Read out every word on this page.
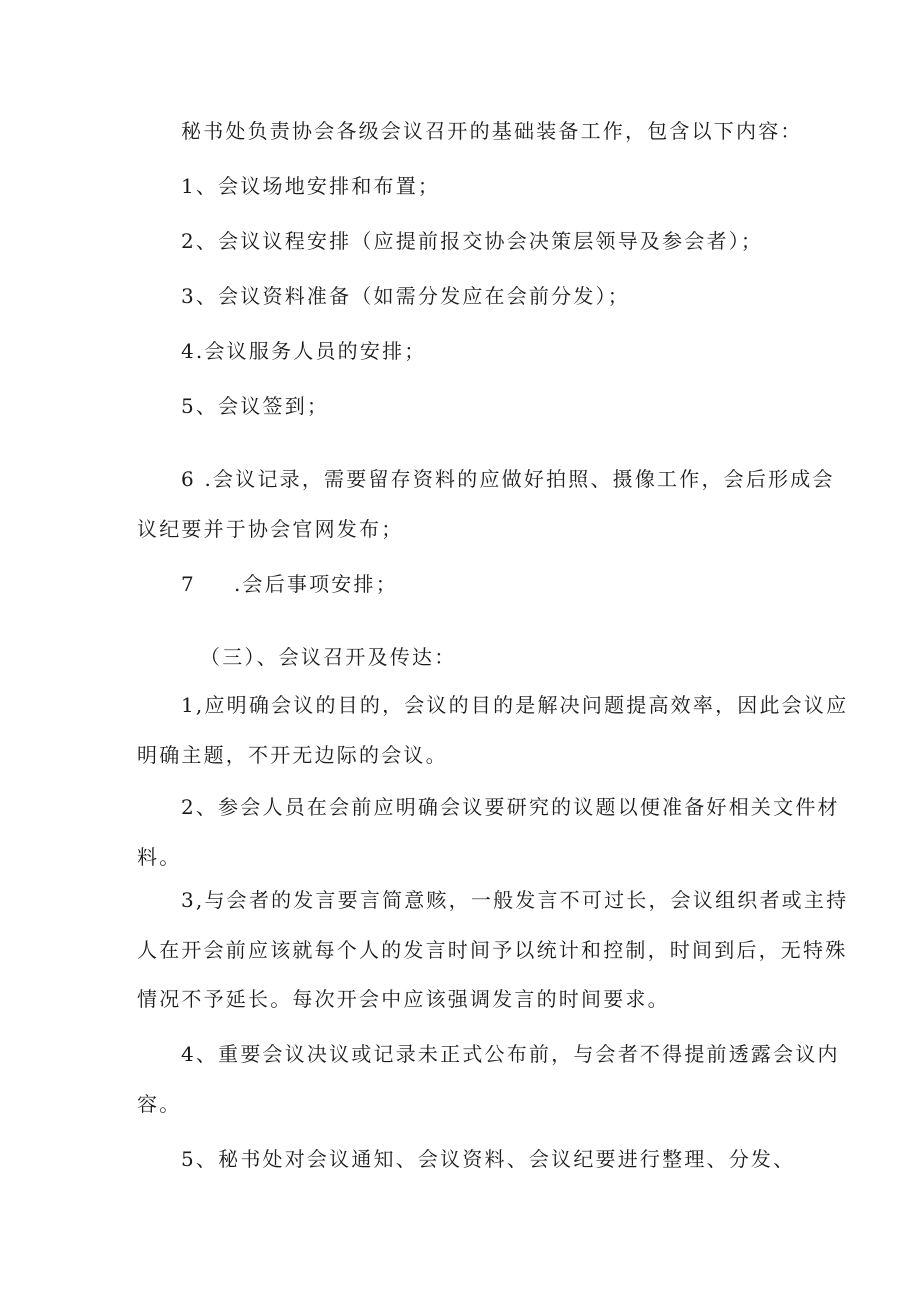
秘书处负责协会各级会议召开的基础装备工作，包含以下内容：
1、会议场地安排和布置；
2、会议议程安排（应提前报交协会决策层领导及参会者）；
3、会议资料准备（如需分发应在会前分发）；
4.会议服务人员的安排；
5、会议签到；
6 .会议记录，需要留存资料的应做好拍照、摄像工作，会后形成会
议纪要并于协会官网发布；
7 .会后事项安排；
（三）、会议召开及传达：
1,应明确会议的目的，会议的目的是解决问题提高效率，因此会议应
明确主题，不开无边际的会议。
2、参会人员在会前应明确会议要研究的议题以便准备好相关文件材
料。
3,与会者的发言要言简意赅，一般发言不可过长，会议组织者或主持
人在开会前应该就每个人的发言时间予以统计和控制，时间到后，无特殊
情况不予延长。每次开会中应该强调发言的时间要求。
4、重要会议决议或记录未正式公布前，与会者不得提前透露会议内
容。
5、秘书处对会议通知、会议资料、会议纪要进行整理、分发、
